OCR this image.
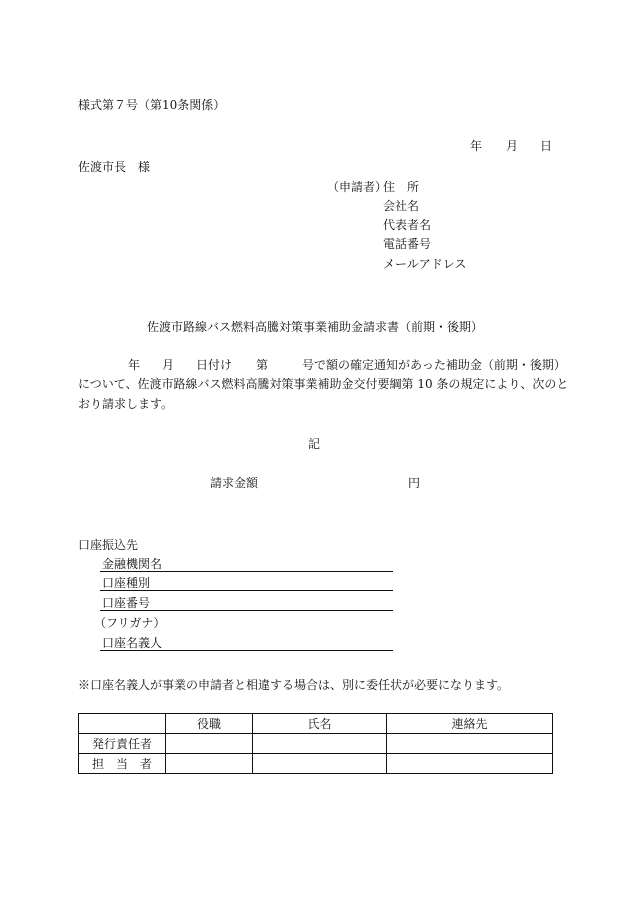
様式第７号（第10条関係）
年 月 日
佐渡市長　様
（申請者）
住　所
会社名
代表者名
電話番号
メールアドレス
佐渡市路線バス燃料高騰対策事業補助金請求書（前期・後期）
年 月 日付け 第	号で額の確定通知があった補助金（前期・後期）
について、佐渡市路線バス燃料高騰対策事業補助金交付要綱第 10 条の規定により、次のと
おり請求します。
記
請求金額	円
口座振込先
金融機関名
口座種別
口座番号
（フリガナ）
口座名義人
※口座名義人が事業の申請者と相違する場合は、別に委任状が必要になります。
	役職	氏名	連絡先
発行責任者			
担　当　者			
